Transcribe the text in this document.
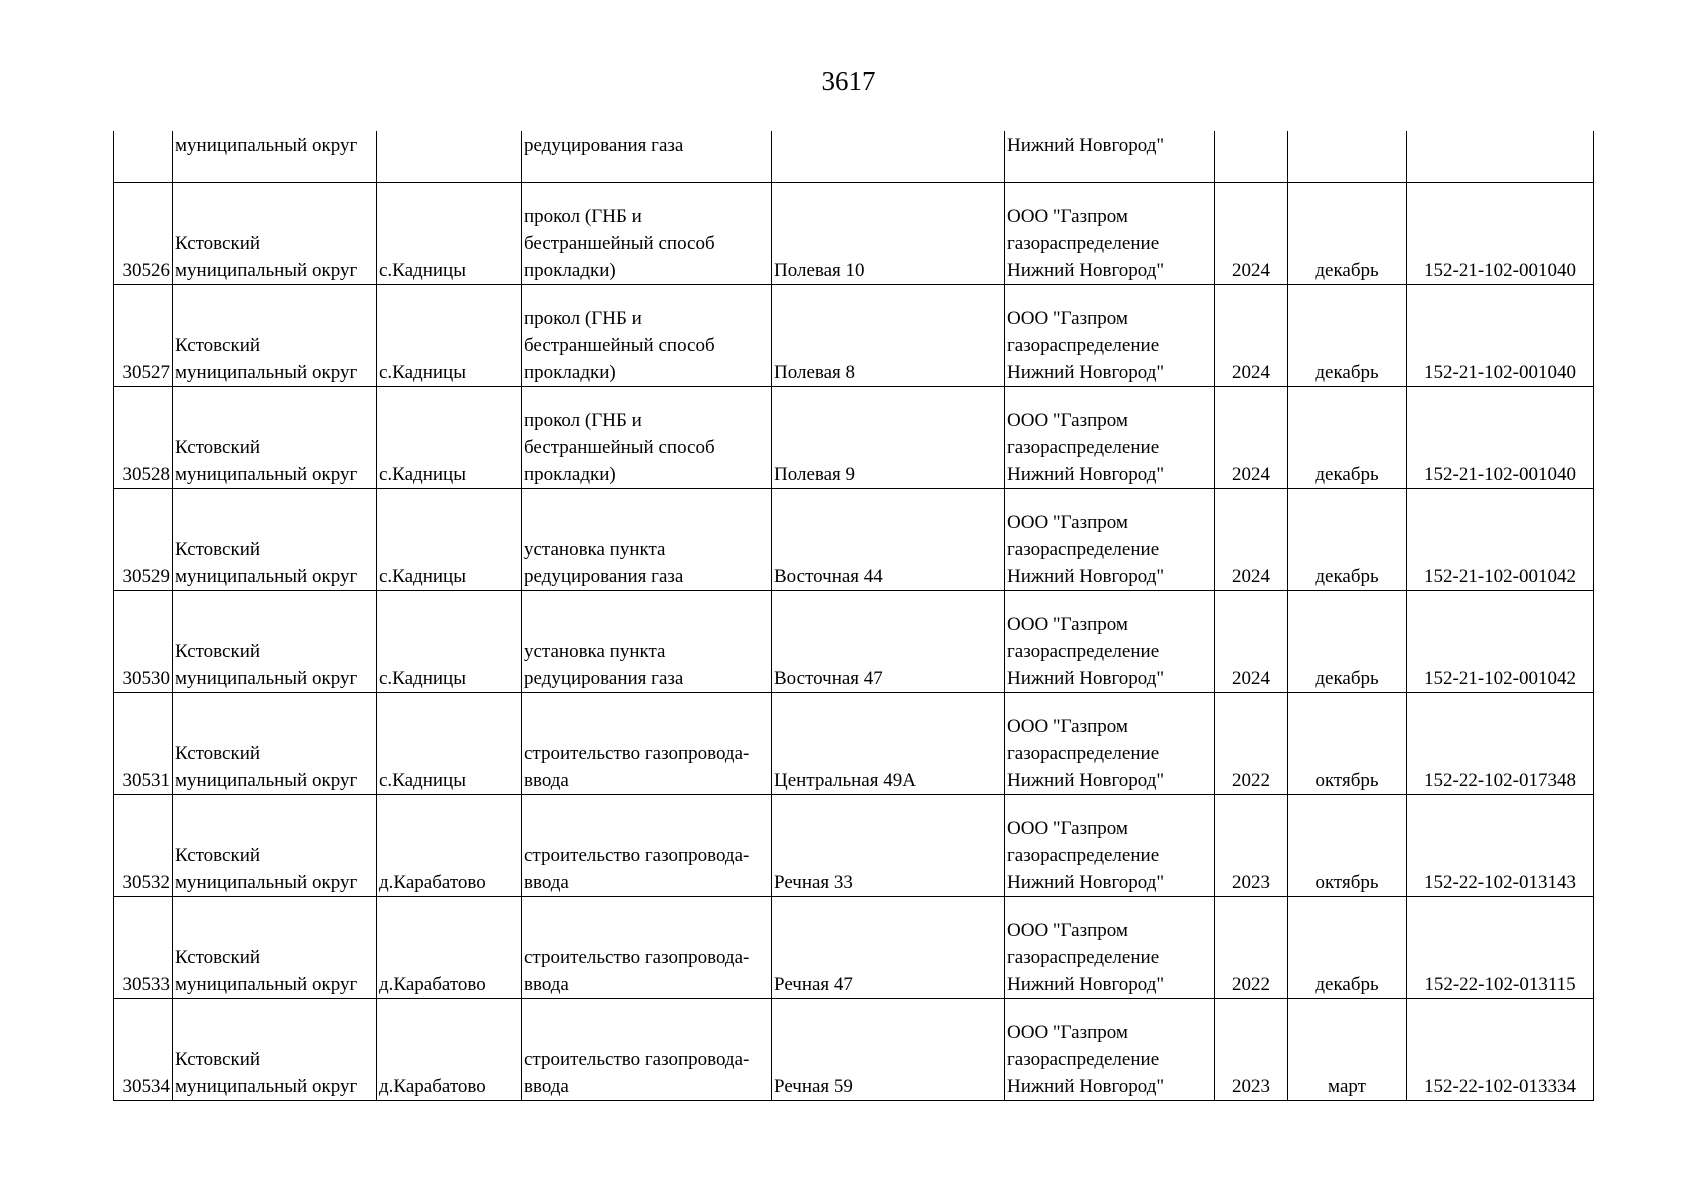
3617
	муниципальный округ		редуцирования газа		Нижний Новгород"			
30526	Кстовский
муниципальный округ	с.Кадницы	прокол (ГНБ и
бестраншейный способ
прокладки)	Полевая 10	ООО "Газпром
газораспределение
Нижний Новгород"	2024	декабрь	152-21-102-001040
30527	Кстовский
муниципальный округ	с.Кадницы	прокол (ГНБ и
бестраншейный способ
прокладки)	Полевая 8	ООО "Газпром
газораспределение
Нижний Новгород"	2024	декабрь	152-21-102-001040
30528	Кстовский
муниципальный округ	с.Кадницы	прокол (ГНБ и
бестраншейный способ
прокладки)	Полевая 9	ООО "Газпром
газораспределение
Нижний Новгород"	2024	декабрь	152-21-102-001040
30529	Кстовский
муниципальный округ	с.Кадницы	установка пункта
редуцирования газа	Восточная 44	ООО "Газпром
газораспределение
Нижний Новгород"	2024	декабрь	152-21-102-001042
30530	Кстовский
муниципальный округ	с.Кадницы	установка пункта
редуцирования газа	Восточная 47	ООО "Газпром
газораспределение
Нижний Новгород"	2024	декабрь	152-21-102-001042
30531	Кстовский
муниципальный округ	с.Кадницы	строительство газопровода-
ввода	Центральная 49А	ООО "Газпром
газораспределение
Нижний Новгород"	2022	октябрь	152-22-102-017348
30532	Кстовский
муниципальный округ	д.Карабатово	строительство газопровода-
ввода	Речная 33	ООО "Газпром
газораспределение
Нижний Новгород"	2023	октябрь	152-22-102-013143
30533	Кстовский
муниципальный округ	д.Карабатово	строительство газопровода-
ввода	Речная 47	ООО "Газпром
газораспределение
Нижний Новгород"	2022	декабрь	152-22-102-013115
30534	Кстовский
муниципальный округ	д.Карабатово	строительство газопровода-
ввода	Речная 59	ООО "Газпром
газораспределение
Нижний Новгород"	2023	март	152-22-102-013334
